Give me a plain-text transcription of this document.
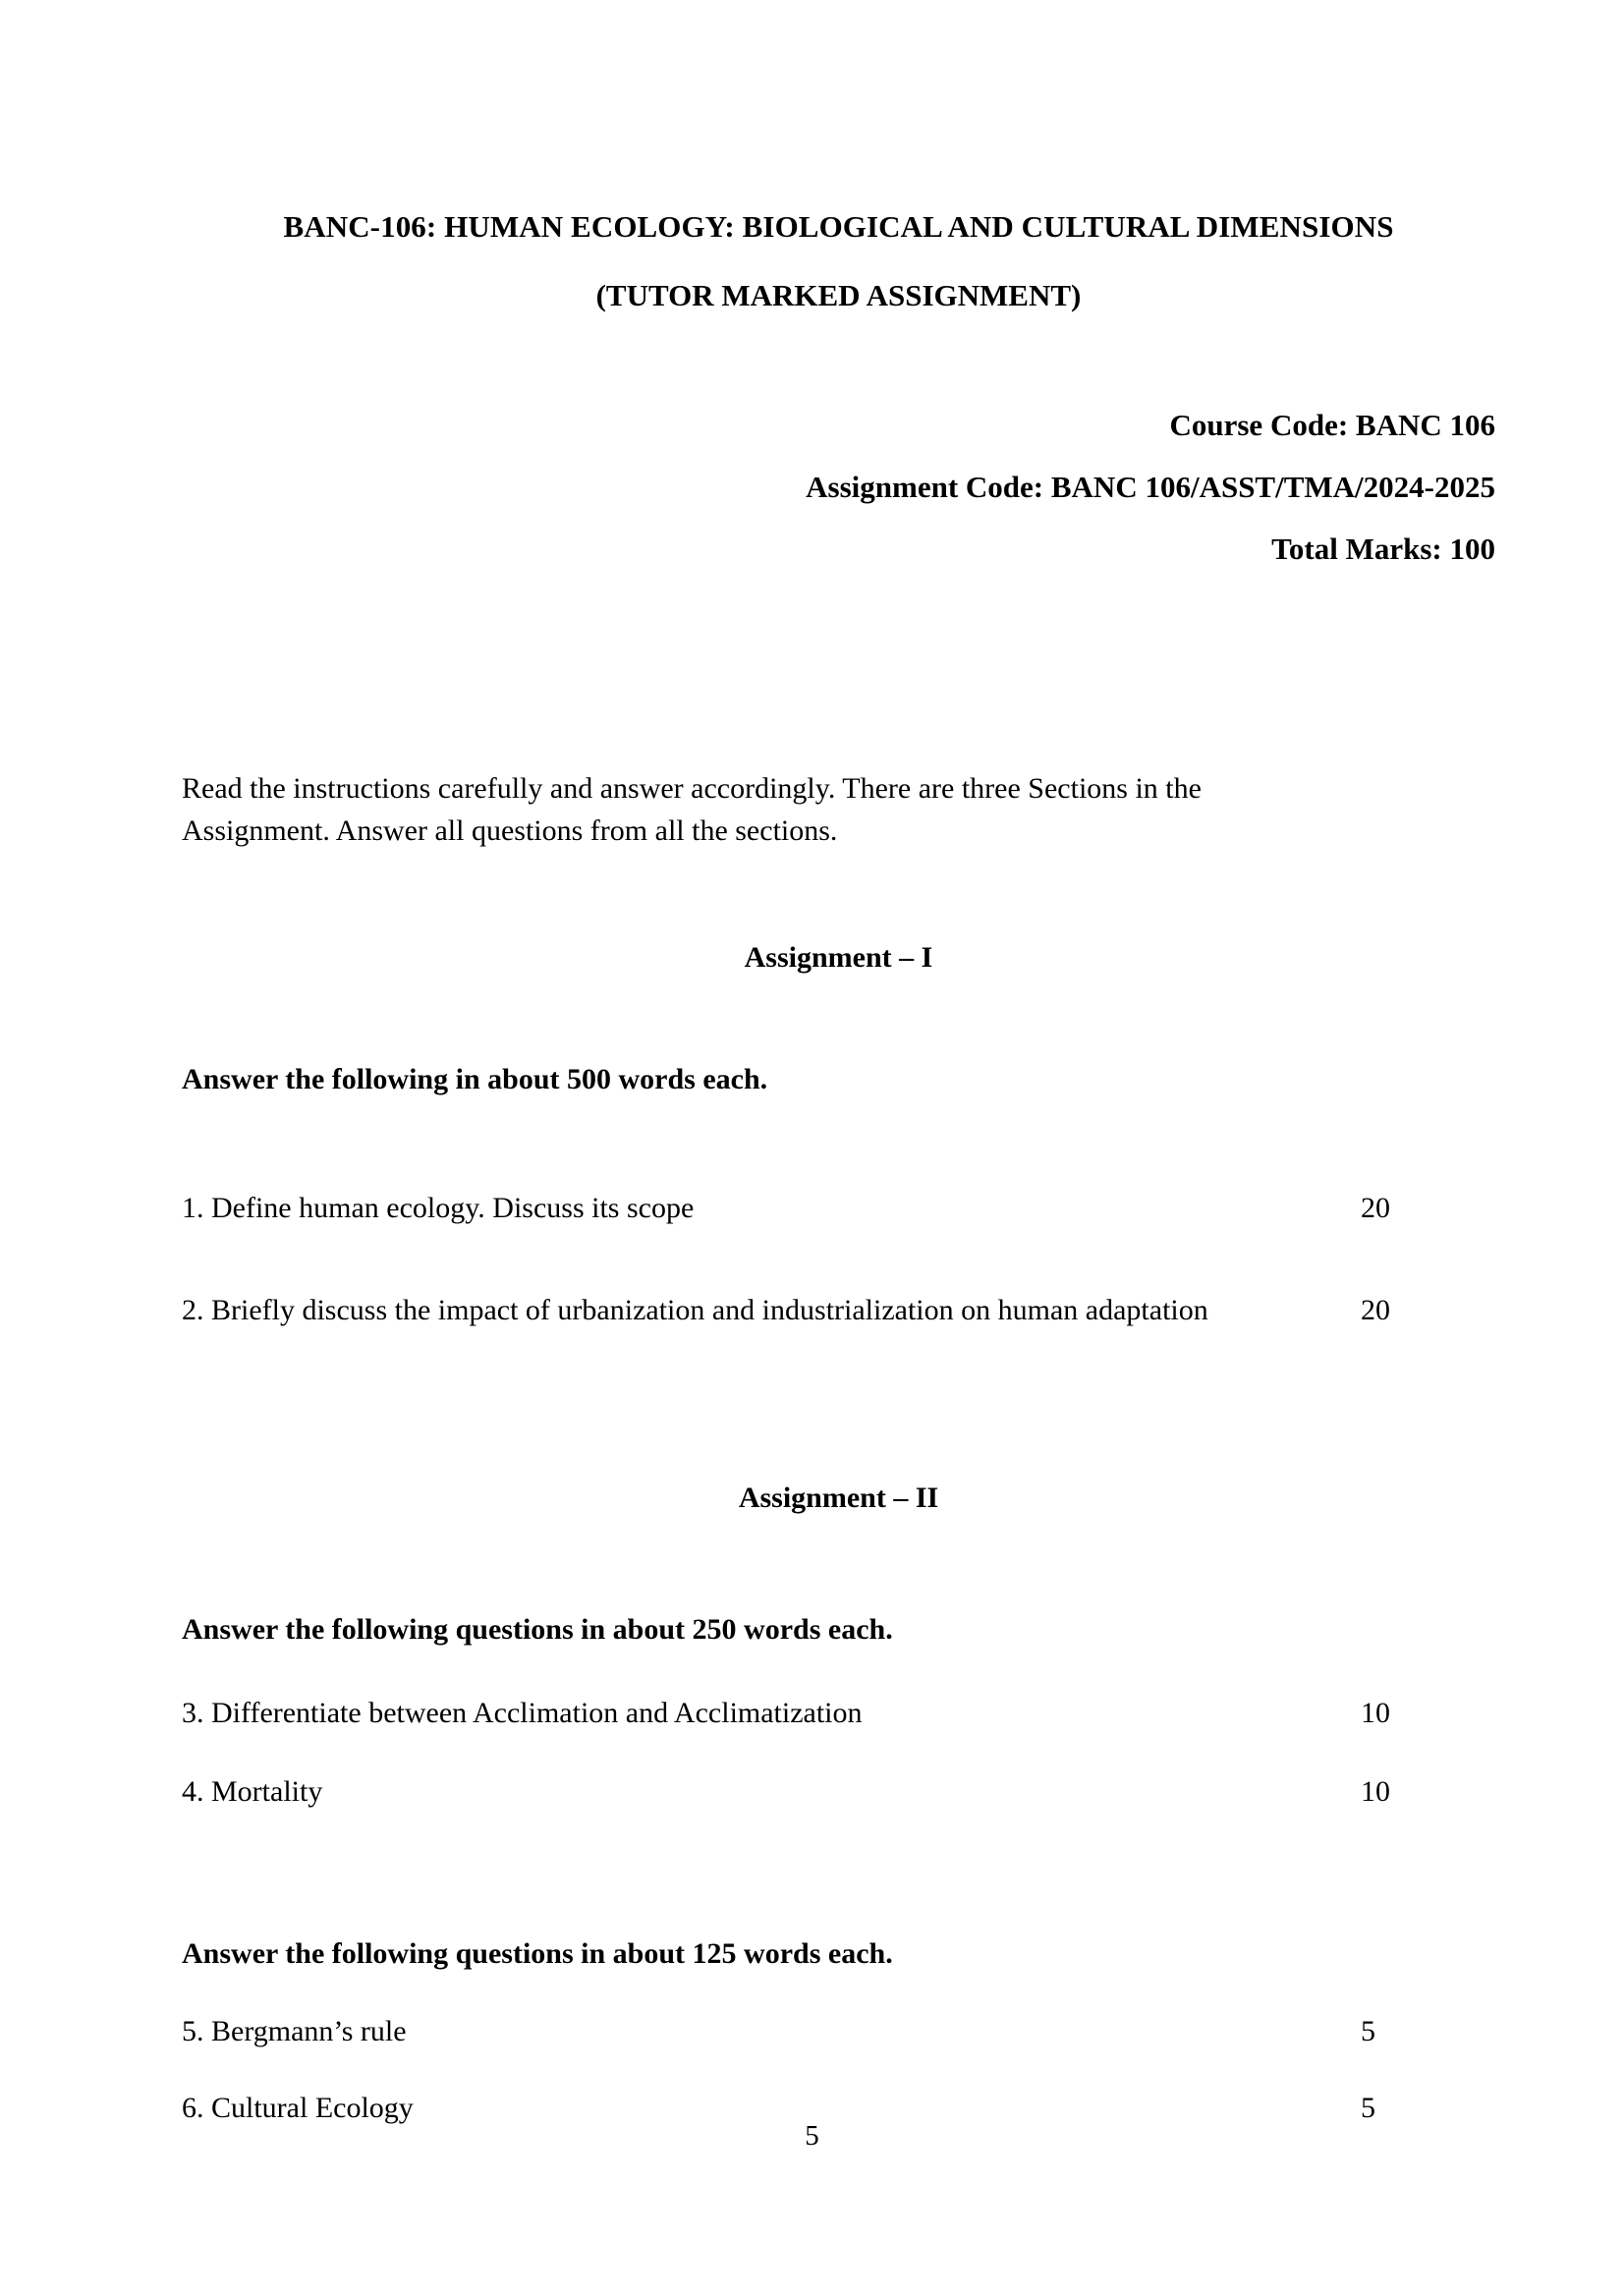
BANC-106: HUMAN ECOLOGY: BIOLOGICAL AND CULTURAL DIMENSIONS
(TUTOR MARKED ASSIGNMENT)
Course Code: BANC 106
Assignment Code: BANC 106/ASST/TMA/2024-2025
Total Marks: 100
Read the instructions carefully and answer accordingly. There are three Sections in the Assignment. Answer all questions from all the sections.
Assignment – I
Answer the following in about 500 words each.
1. Define human ecology. Discuss its scope	20
2. Briefly discuss the impact of urbanization and industrialization on human adaptation	20
Assignment – II
Answer the following questions in about 250 words each.
3. Differentiate between Acclimation and Acclimatization	10
4. Mortality	10
Answer the following questions in about 125 words each.
5. Bergmann’s rule	5
6. Cultural Ecology	5
5
